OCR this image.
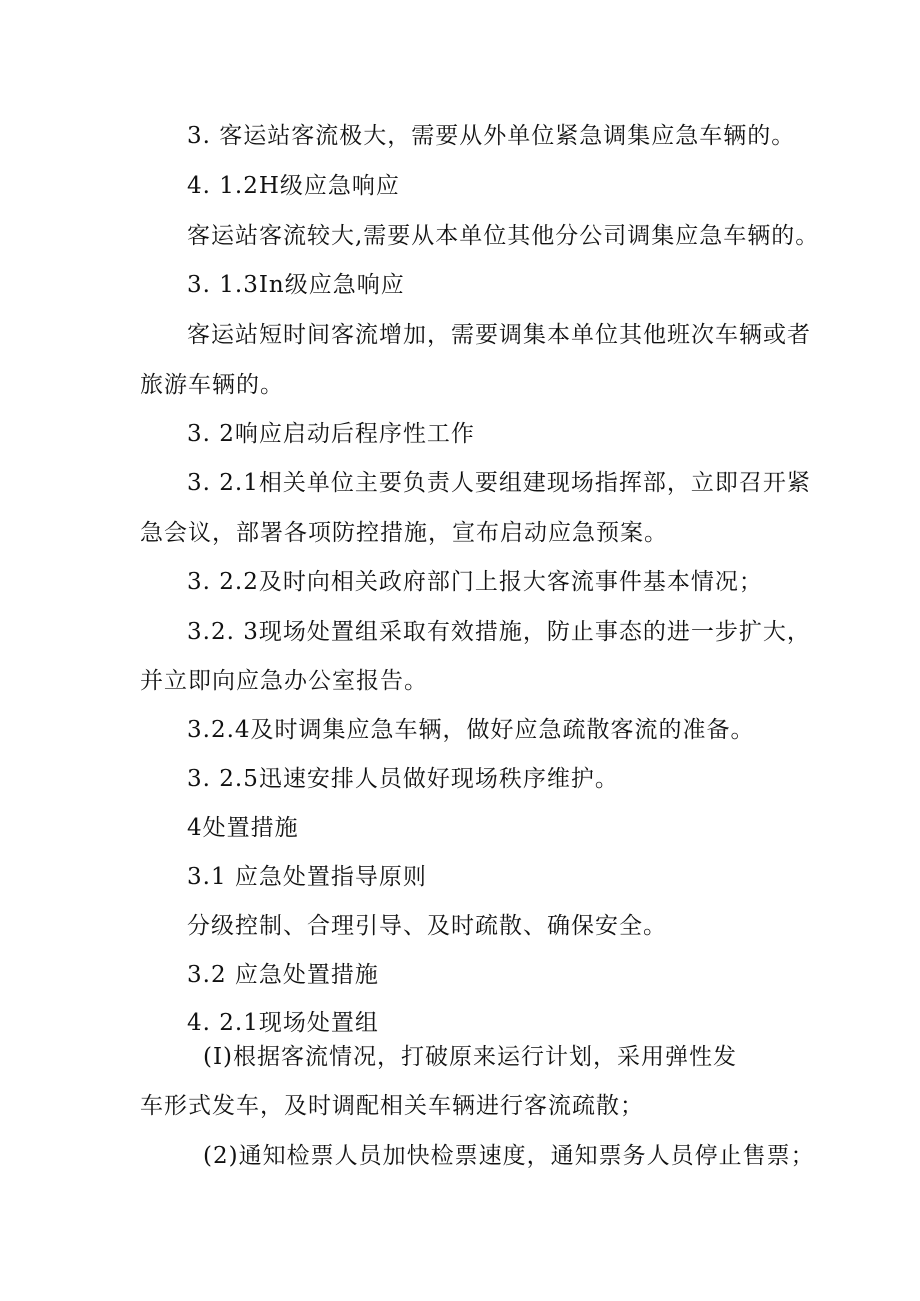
3. 客运站客流极大，需要从外单位紧急调集应急车辆的。
4. 1.2H级应急响应
客运站客流较大,需要从本单位其他分公司调集应急车辆的。
3. 1.3In级应急响应
客运站短时间客流增加，需要调集本单位其他班次车辆或者
旅游车辆的。
3. 2响应启动后程序性工作
3. 2.1相关单位主要负责人要组建现场指挥部，立即召开紧
急会议，部署各项防控措施，宣布启动应急预案。
3. 2.2及时向相关政府部门上报大客流事件基本情况；
3.2. 3现场处置组采取有效措施，防止事态的进一步扩大，
并立即向应急办公室报告。
3.2.4及时调集应急车辆，做好应急疏散客流的准备。
3. 2.5迅速安排人员做好现场秩序维护。
4处置措施
3.1 应急处置指导原则
分级控制、合理引导、及时疏散、确保安全。
3.2 应急处置措施
4. 2.1现场处置组
(I)根据客流情况，打破原来运行计划，采用弹性发
车形式发车，及时调配相关车辆进行客流疏散；
(2)通知检票人员加快检票速度，通知票务人员停止售票；
